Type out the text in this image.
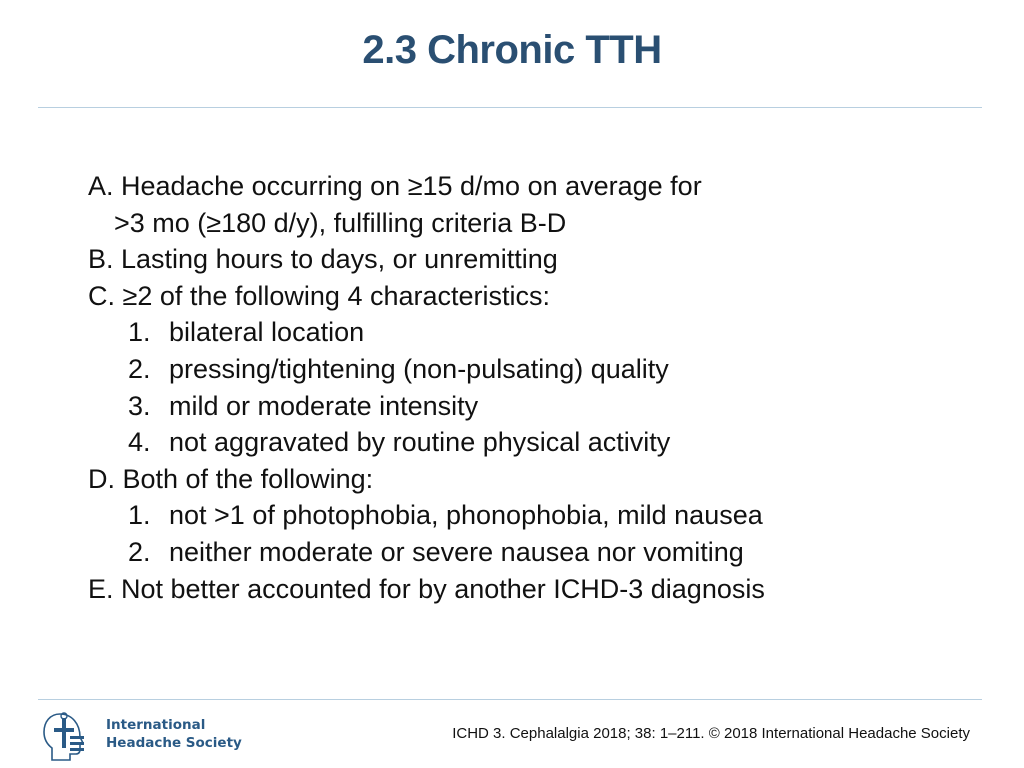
2.3 Chronic TTH
A. Headache occurring on ≥15 d/mo on average for
>3 mo (≥180 d/y), fulfilling criteria B-D
B. Lasting hours to days, or unremitting
C. ≥2 of the following 4 characteristics:
1. bilateral location
2. pressing/tightening (non-pulsating) quality
3. mild or moderate intensity
4. not aggravated by routine physical activity
D. Both of the following:
1. not >1 of photophobia, phonophobia, mild nausea
2. neither moderate or severe nausea nor vomiting
E. Not better accounted for by another ICHD-3 diagnosis
International
Headache Society
ICHD 3. Cephalalgia 2018; 38: 1–211. © 2018 International Headache Society
